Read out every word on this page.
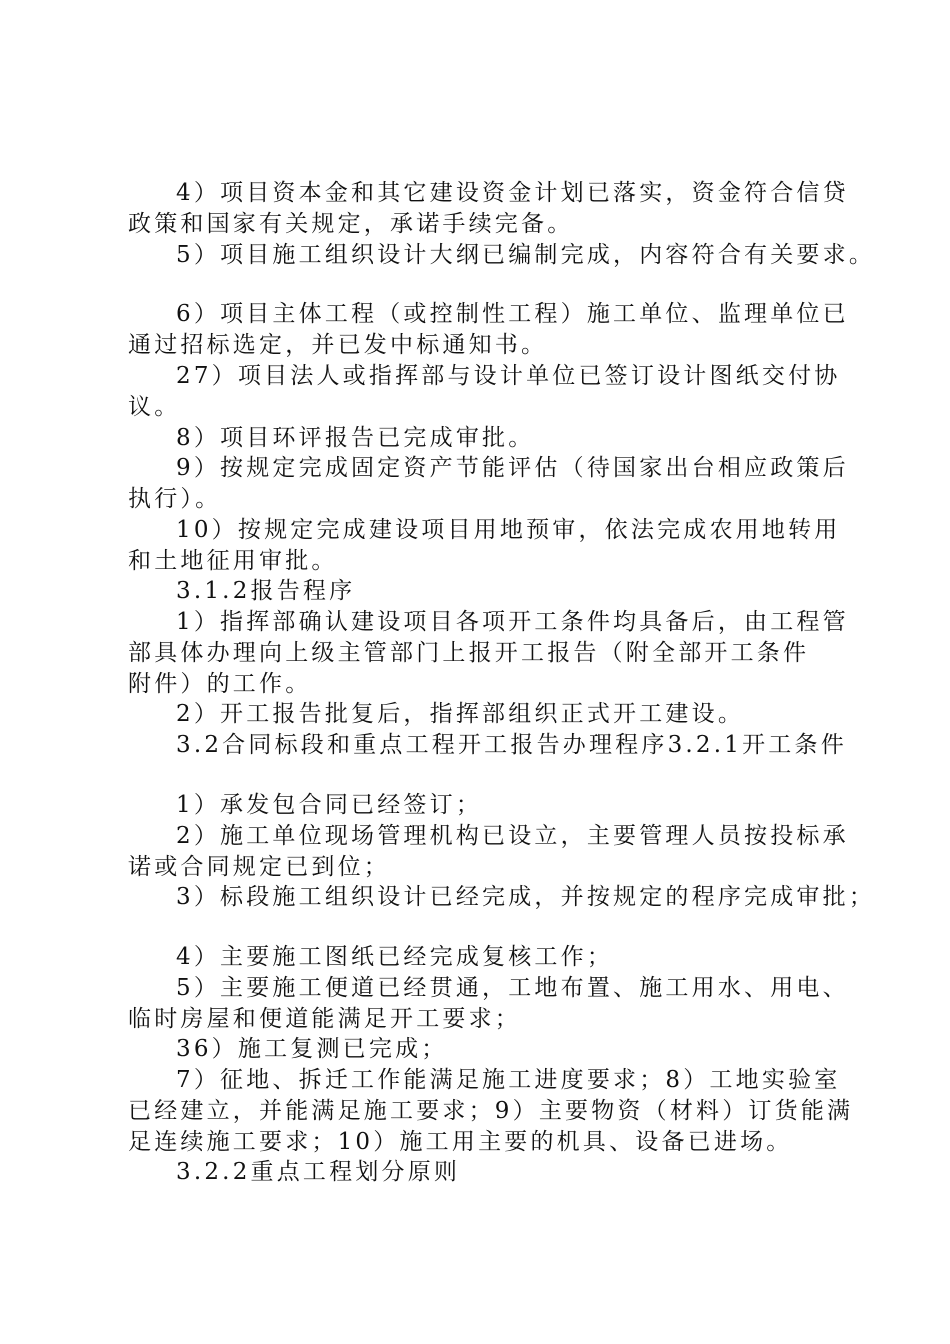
4）项目资本金和其它建设资金计划已落实，资金符合信贷
政策和国家有关规定，承诺手续完备。
5）项目施工组织设计大纲已编制完成，内容符合有关要求。
6）项目主体工程（或控制性工程）施工单位、监理单位已
通过招标选定，并已发中标通知书。
27）项目法人或指挥部与设计单位已签订设计图纸交付协
议。
8）项目环评报告已完成审批。
9）按规定完成固定资产节能评估（待国家出台相应政策后
执行）。
10）按规定完成建设项目用地预审，依法完成农用地转用
和土地征用审批。
3.1.2报告程序
1）指挥部确认建设项目各项开工条件均具备后，由工程管
部具体办理向上级主管部门上报开工报告（附全部开工条件
附件）的工作。
2）开工报告批复后，指挥部组织正式开工建设。
3.2合同标段和重点工程开工报告办理程序3.2.1开工条件
1）承发包合同已经签订；
2）施工单位现场管理机构已设立，主要管理人员按投标承
诺或合同规定已到位；
3）标段施工组织设计已经完成，并按规定的程序完成审批；
4）主要施工图纸已经完成复核工作；
5）主要施工便道已经贯通，工地布置、施工用水、用电、
临时房屋和便道能满足开工要求；
36）施工复测已完成；
7）征地、拆迁工作能满足施工进度要求；8）工地实验室
已经建立，并能满足施工要求；9）主要物资（材料）订货能满
足连续施工要求；10）施工用主要的机具、设备已进场。
3.2.2重点工程划分原则
